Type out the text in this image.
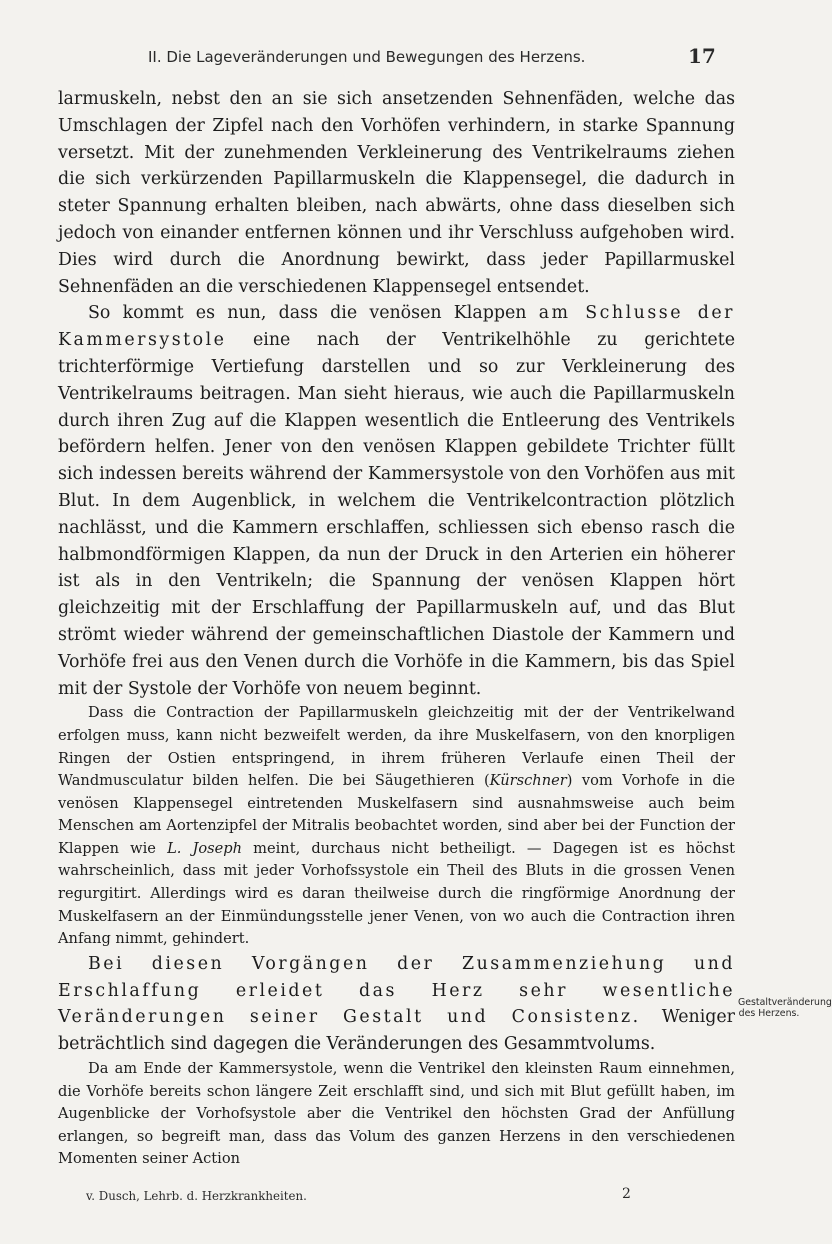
II. Die Lageveränderungen und Bewegungen des Herzens.	17

larmuskeln, nebst den an sie sich ansetzenden Sehnenfäden, welche das Umschlagen der Zipfel nach den Vorhöfen verhindern, in starke Spannung versetzt. Mit der zunehmenden Verkleinerung des Ventrikelraums ziehen die sich verkürzenden Papillarmuskeln die Klappensegel, die dadurch in steter Spannung erhalten bleiben, nach abwärts, ohne dass dieselben sich jedoch von einander entfernen können und ihr Verschluss aufgehoben wird. Dies wird durch die Anordnung bewirkt, dass jeder Papillarmuskel Sehnenfäden an die verschiedenen Klappensegel entsendet.

So kommt es nun, dass die venösen Klappen am Schlusse der Kammersystole eine nach der Ventrikelhöhle zu gerichtete trichterförmige Vertiefung darstellen und so zur Verkleinerung des Ventrikelraums beitragen. Man sieht hieraus, wie auch die Papillarmuskeln durch ihren Zug auf die Klappen wesentlich die Entleerung des Ventrikels befördern helfen. Jener von den venösen Klappen gebildete Trichter füllt sich indessen bereits während der Kammersystole von den Vorhöfen aus mit Blut. In dem Augenblick, in welchem die Ventrikelcontraction plötzlich nachlässt, und die Kammern erschlaffen, schliessen sich ebenso rasch die halbmondförmigen Klappen, da nun der Druck in den Arterien ein höherer ist als in den Ventrikeln; die Spannung der venösen Klappen hört gleichzeitig mit der Erschlaffung der Papillarmuskeln auf, und das Blut strömt wieder während der gemeinschaftlichen Diastole der Kammern und Vorhöfe frei aus den Venen durch die Vorhöfe in die Kammern, bis das Spiel mit der Systole der Vorhöfe von neuem beginnt.

Dass die Contraction der Papillarmuskeln gleichzeitig mit der der Ventrikelwand erfolgen muss, kann nicht bezweifelt werden, da ihre Muskelfasern, von den knorpligen Ringen der Ostien entspringend, in ihrem früheren Verlaufe einen Theil der Wandmusculatur bilden helfen. Die bei Säugethieren (Kürschner) vom Vorhofe in die venösen Klappensegel eintretenden Muskelfasern sind ausnahmsweise auch beim Menschen am Aortenzipfel der Mitralis beobachtet worden, sind aber bei der Function der Klappen wie L. Joseph meint, durchaus nicht betheiligt. — Dagegen ist es höchst wahrscheinlich, dass mit jeder Vorhofssystole ein Theil des Bluts in die grossen Venen regurgitirt. Allerdings wird es daran theilweise durch die ringförmige Anordnung der Muskelfasern an der Einmündungsstelle jener Venen, von wo auch die Contraction ihren Anfang nimmt, gehindert.

Bei diesen Vorgängen der Zusammenziehung und Erschlaffung erleidet das Herz sehr wesentliche Veränderungen seiner Gestalt und Consistenz. Weniger beträchtlich sind dagegen die Veränderungen des Gesammtvolums.

Da am Ende der Kammersystole, wenn die Ventrikel den kleinsten Raum einnehmen, die Vorhöfe bereits schon längere Zeit erschlafft sind, und sich mit Blut gefüllt haben, im Augenblicke der Vorhofsystole aber die Ventrikel den höchsten Grad der Anfüllung erlangen, so begreift man, dass das Volum des ganzen Herzens in den verschiedenen Momenten seiner Action

Gestaltveränderung des Herzens.
v. Dusch, Lehrb. d. Herzkrankheiten.	2
